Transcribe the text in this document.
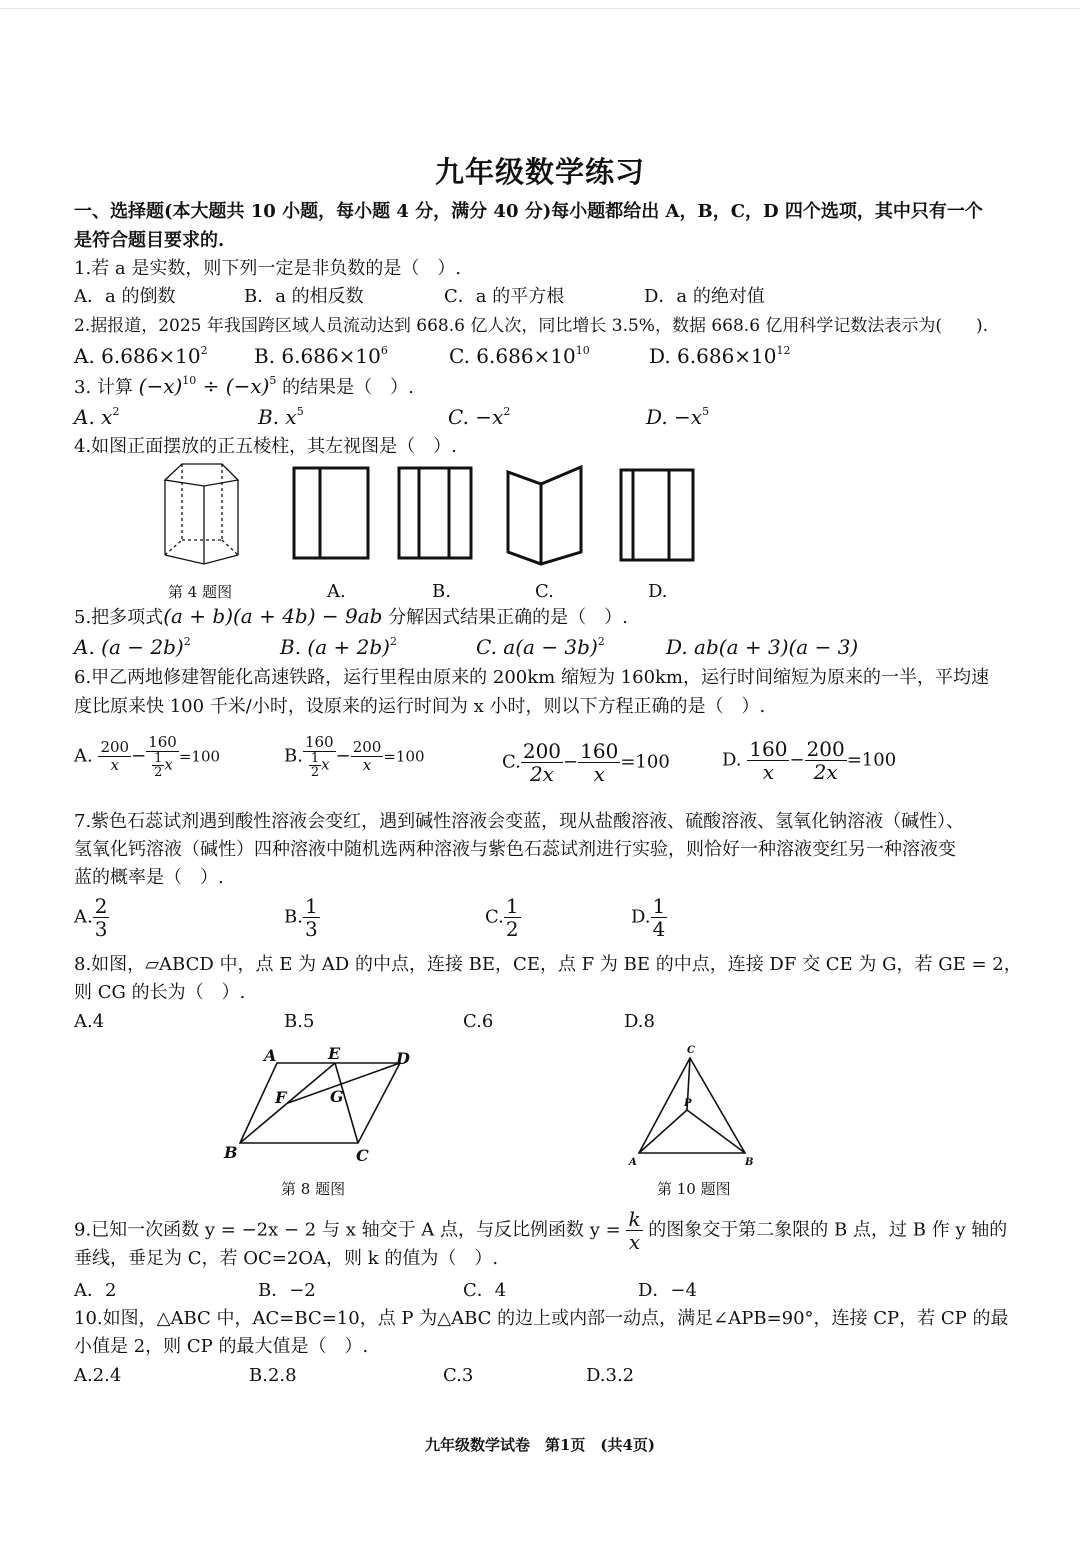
九年级数学练习
一、选择题(本大题共 10 小题，每小题 4 分，满分 40 分)每小题都给出 A，B，C，D 四个选项，其中只有一个
是符合题目要求的.
1.若 a 是实数，则下列一定是非负数的是（　）.
A．a 的倒数	B．a 的相反数	C．a 的平方根	D．a 的绝对值
2.据报道，2025 年我国跨区域人员流动达到 668.6 亿人次，同比增长 3.5%，数据 668.6 亿用科学记数法表示为(　　).
A. $6.686\times 10^2$ B. $6.686\times 10^6$	C. $6.686\times 10^{10}$	D. $6.686\times 10^{12}$
3. 计算 $(-x)^{10} \div (-x)^5$ 的结果是（　）.
A. $x^2$	B. $x^5$	C. $-x^2$	D. $-x^5$
4.如图正面摆放的正五棱柱，其左视图是（　）.
第 4 题图	A.	B.	C.	D.
5.把多项式(a + b)(a + 4b) − 9ab 分解因式结果正确的是（　）.
A. $(a - 2b)^2$	B. $(a + 2b)^2$	C. $a(a - 3b)^2$	D. ab(a + 3)(a − 3)
6.甲乙两地修建智能化高速铁路，运行里程由原来的 200km 缩短为 160km，运行时间缩短为原来的一半，平均速
度比原来快 100 千米/小时，设原来的运行时间为 x 小时，则以下方程正确的是（　）.
A. $\frac{200}{x} - \frac{160}{\frac{1}{2} x} =100$	B. $\frac{160}{\frac{1}{2} x} - \frac{200}{x} =100$	C. $\frac{200}{2x} - \frac{160}{x} =100$	D. $\frac{160}{x} - \frac{200}{2x} =100$
7.紫色石蕊试剂遇到酸性溶液会变红，遇到碱性溶液会变蓝，现从盐酸溶液、硫酸溶液、氢氧化钠溶液（碱性）、
氢氧化钙溶液（碱性）四种溶液中随机选两种溶液与紫色石蕊试剂进行实验，则恰好一种溶液变红另一种溶液变
蓝的概率是（　）.
A. $\frac{2}{3}$	B. $\frac{1}{3}$	C. $\frac{1}{2}$	D. $\frac{1}{4}$
8.如图，▱ABCD 中，点 E 为 AD 的中点，连接 BE，CE，点 F 为 BE 的中点，连接 DF 交 CE 为 G，若 GE = 2，
则 CG 的长为（　）.
A.4	B.5	C.6	D.8
A	E	D
F	G
B	C
第 8 题图
C
P
A	B
第 10 题图
9.已知一次函数 y = −2x − 2 与 x 轴交于 A 点，与反比例函数 $y = \frac{k}{x}$ 的图象交于第二象限的 B 点，过 B 作 y 轴的
垂线，垂足为 C，若 OC=2OA，则 k 的值为（　）.
A．2	B．−2	C．4	D．−4
10.如图，△ABC 中，AC=BC=10，点 P 为△ABC 的边上或内部一动点，满足∠APB=90°，连接 CP，若 CP 的最
小值是 2，则 CP 的最大值是（　）.
A.2.4	B.2.8	C.3	D.3.2
九年级数学试卷　第1页　(共4页)
